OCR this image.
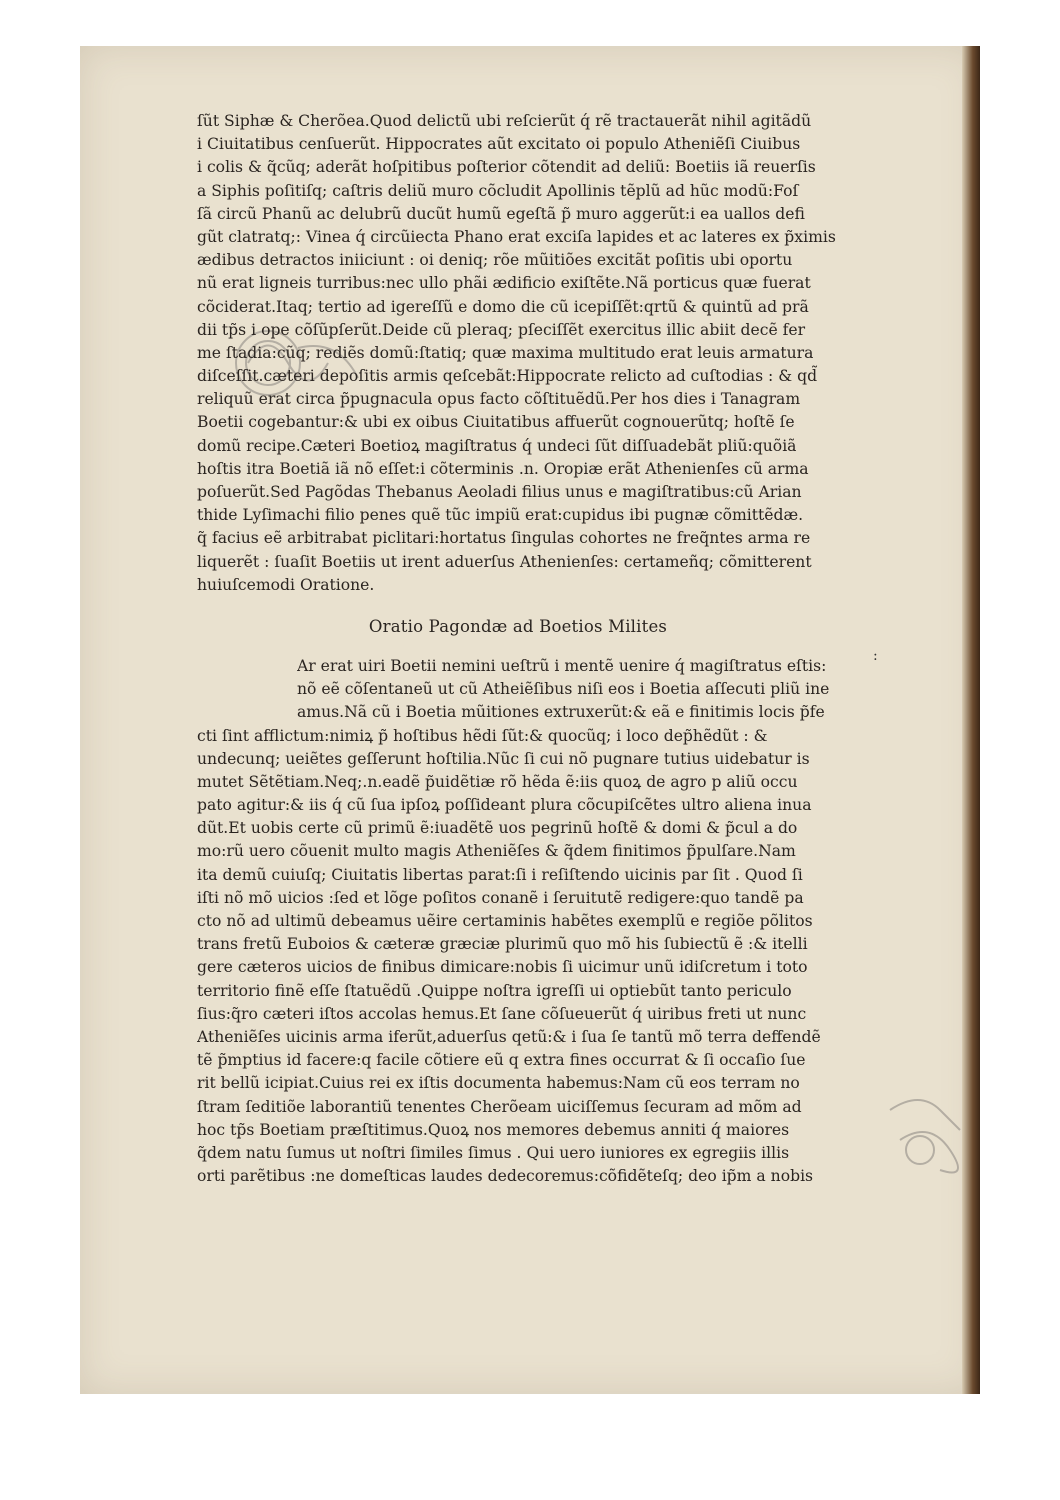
ſũt Siphæ & Cherõea.Quod delictũ ubi reſcierũt q́ rẽ tractauerãt nihil agitãdũ
i Ciuitatibus cenſuerũt. Hippocrates aũt excitato oi populo Atheniẽſi Ciuibus
i colis & q̃cũq; aderãt hoſpitibus poſterior cõtendit ad deliũ: Boetiis iã reuerſis
a Siphis poſitiſq; caſtris deliũ muro cõcludit Apollinis tẽplũ ad hũc modũ:Foſ
ſã circũ Phanũ ac delubrũ ducũt humũ egeſtã p̃ muro aggerũt:i ea uallos defi
gũt clatratq;: Vinea q́ circũiecta Phano erat exciſa lapides et ac lateres ex p̃ximis
ædibus detractos iniiciunt : oi deniq; rõe mũitiões excitãt poſitis ubi oportu
nũ erat ligneis turribus:nec ullo phãi ædificio exiſtẽte.Nã porticus quæ fuerat
cõciderat.Itaq; tertio ad igereſſũ e domo die cũ icepiſſẽt:qrtũ & quintũ ad prã
dii tp̃s i ope cõſũpſerũt.Deide cũ pleraq; pſeciſſẽt exercitus illic abiit decẽ fer
me ſtadia:cũq; rediẽs domũ:ſtatiq; quæ maxima multitudo erat leuis armatura
diſceſſit.cæteri depoſitis armis qeſcebãt:Hippocrate relicto ad cuſtodias : & qd̃
reliquũ erat circa p̃pugnacula opus facto cõſtituẽdũ.Per hos dies i Tanagram
Boetii cogebantur:& ubi ex oibus Ciuitatibus affuerũt cognouerũtq; hoſtẽ ſe
domũ recipe.Cæteri Boetioꝝ magiſtratus q́ undeci ſũt diſſuadebãt pliũ:quõiã
hoſtis itra Boetiã iã nõ eſſet:i cõterminis .n. Oropiæ erãt Athenienſes cũ arma
poſuerũt.Sed Pagõdas Thebanus Aeoladi filius unus e magiſtratibus:cũ Arian
thide Lyſimachi filio penes quẽ tũc impiũ erat:cupidus ibi pugnæ cõmittẽdæ.
q̃ facius eẽ arbitrabat piclitari:hortatus ſingulas cohortes ne freq̃ntes arma re
liquerẽt : ſuaſit Boetiis ut irent aduerſus Athenienſes: certameñq; cõmitterent
huiuſcemodi Oratione.
Oratio Pagondæ ad Boetios Milites
Ar erat uiri Boetii nemini ueſtrũ i mentẽ uenire q́ magiſtratus eſtis:
nõ eẽ cõſentaneũ ut cũ Atheiẽſibus niſi eos i Boetia aſſecuti pliũ ine
amus.Nã cũ i Boetia mũitiones extruxerũt:& eã e finitimis locis p̃fe
cti ſint afflictum:nimiꝝ p̃ hoſtibus hẽdi ſũt:& quocũq; i loco dep̃hẽdũt : &
undecunq; ueiẽtes geſſerunt hoſtilia.Nũc ſi cui nõ pugnare tutius uidebatur is
mutet Sẽtẽtiam.Neq;.n.eadẽ p̃uidẽtiæ rõ hẽda ẽ:iis quoꝝ de agro p aliũ occu
pato agitur:& iis q́ cũ ſua ipſoꝝ poſſideant plura cõcupiſcẽtes ultro aliena inua
dũt.Et uobis certe cũ primũ ẽ:iuadẽtẽ uos pegrinũ hoſtẽ & domi & p̃cul a do
mo:rũ uero cõuenit multo magis Atheniẽſes & q̃dem finitimos p̃pulſare.Nam
ita demũ cuiuſq; Ciuitatis libertas parat:ſi i reſiſtendo uicinis par ſit . Quod ſi
iſti nõ mõ uicios :ſed et lõge poſitos conanẽ i ſeruitutẽ redigere:quo tandẽ pa
cto nõ ad ultimũ debeamus uẽire certaminis habẽtes exemplũ e regiõe põlitos
trans fretũ Euboios & cæteræ græciæ plurimũ quo mõ his ſubiectũ ẽ :& itelli
gere cæteros uicios de finibus dimicare:nobis ſi uicimur unũ idiſcretum i toto
territorio finẽ eſſe ſtatuẽdũ .Quippe noſtra igreſſi ui optiebũt tanto periculo
ſius:q̃ro cæteri iſtos accolas hemus.Et ſane cõſueuerũt q́ uiribus freti ut nunc
Atheniẽſes uicinis arma iferũt,aduerſus qetũ:& i ſua ſe tantũ mõ terra deffendẽ
tẽ p̃mptius id facere:q facile cõtiere eũ q extra fines occurrat & ſi occaſio ſue
rit bellũ icipiat.Cuius rei ex iſtis documenta habemus:Nam cũ eos terram no
ſtram ſeditiõe laborantiũ tenentes Cherõeam uiciſſemus ſecuram ad mõm ad
hoc tp̃s Boetiam præſtitimus.Quoꝝ nos memores debemus anniti q́ maiores
q̃dem natu ſumus ut noſtri ſimiles ſimus . Qui uero iuniores ex egregiis illis
orti parẽtibus :ne domeſticas laudes dedecoremus:cõfidẽteſq; deo ip̃m a nobis
:
